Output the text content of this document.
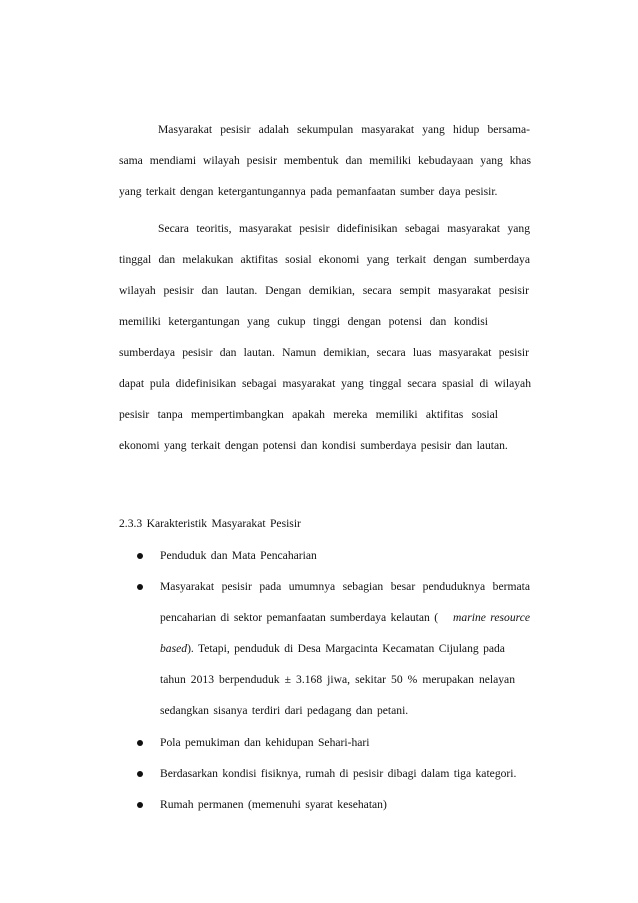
Masyarakat pesisir adalah sekumpulan masyarakat yang hidup bersama-
sama mendiami wilayah pesisir membentuk dan memiliki kebudayaan yang khas
yang terkait dengan ketergantungannya pada pemanfaatan sumber daya pesisir.
Secara teoritis, masyarakat pesisir didefinisikan sebagai masyarakat yang
tinggal dan melakukan aktifitas sosial ekonomi yang terkait dengan sumberdaya
wilayah pesisir dan lautan. Dengan demikian, secara sempit masyarakat pesisir
memiliki ketergantungan yang cukup tinggi dengan potensi dan kondisi
sumberdaya pesisir dan lautan. Namun demikian, secara luas masyarakat pesisir
dapat pula didefinisikan sebagai masyarakat yang tinggal secara spasial di wilayah
pesisir tanpa mempertimbangkan apakah mereka memiliki aktifitas sosial
ekonomi yang terkait dengan potensi dan kondisi sumberdaya pesisir dan lautan.
2.3.3 Karakteristik Masyarakat Pesisir
Penduduk dan Mata Pencaharian
Masyarakat pesisir pada umumnya sebagian besar penduduknya bermata
pencaharian di sektor pemanfaatan sumberdaya kelautan ( marine resource
based). Tetapi, penduduk di Desa Margacinta Kecamatan Cijulang pada
tahun 2013 berpenduduk ± 3.168 jiwa, sekitar 50 % merupakan nelayan
sedangkan sisanya terdiri dari pedagang dan petani.
Pola pemukiman dan kehidupan Sehari-hari
Berdasarkan kondisi fisiknya, rumah di pesisir dibagi dalam tiga kategori.
Rumah permanen (memenuhi syarat kesehatan)
